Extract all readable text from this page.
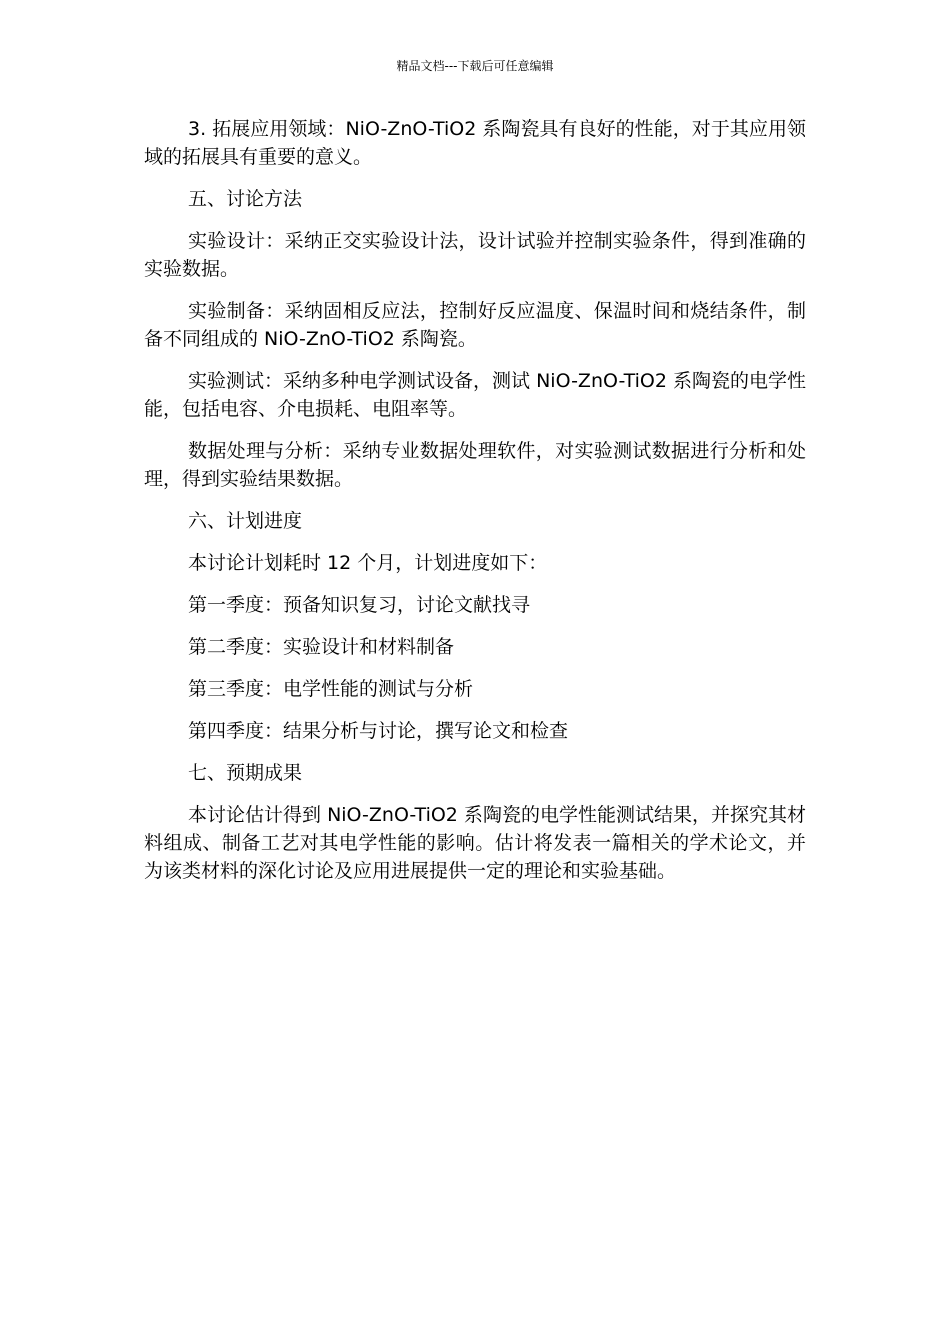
精品文档---下载后可任意编辑

3. 拓展应用领域：NiO-ZnO-TiO2 系陶瓷具有良好的性能，对于其应用领域的拓展具有重要的意义。

五、讨论方法

实验设计：采纳正交实验设计法，设计试验并控制实验条件，得到准确的实验数据。

实验制备：采纳固相反应法，控制好反应温度、保温时间和烧结条件，制备不同组成的 NiO-ZnO-TiO2 系陶瓷。

实验测试：采纳多种电学测试设备，测试 NiO-ZnO-TiO2 系陶瓷的电学性能，包括电容、介电损耗、电阻率等。

数据处理与分析：采纳专业数据处理软件，对实验测试数据进行分析和处理，得到实验结果数据。

六、计划进度

本讨论计划耗时 12 个月，计划进度如下：

第一季度：预备知识复习，讨论文献找寻

第二季度：实验设计和材料制备

第三季度：电学性能的测试与分析

第四季度：结果分析与讨论，撰写论文和检查

七、预期成果

本讨论估计得到 NiO-ZnO-TiO2 系陶瓷的电学性能测试结果，并探究其材料组成、制备工艺对其电学性能的影响。估计将发表一篇相关的学术论文，并为该类材料的深化讨论及应用进展提供一定的理论和实验基础。
